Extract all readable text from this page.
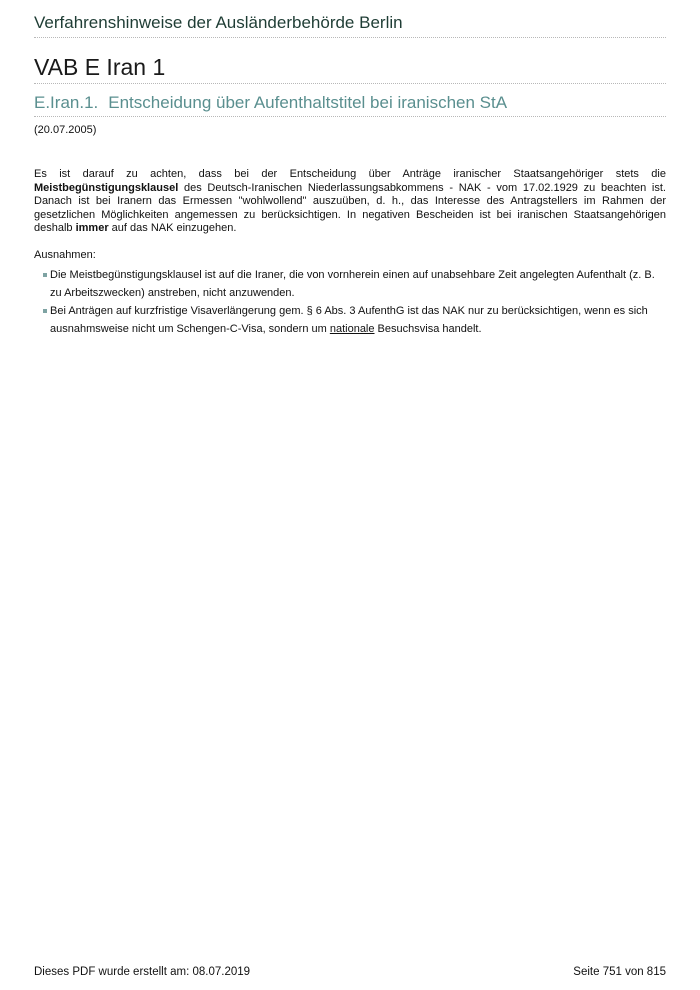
Verfahrenshinweise der Ausländerbehörde Berlin
VAB E Iran 1
E.Iran.1. Entscheidung über Aufenthaltstitel bei iranischen StA
(20.07.2005)
Es ist darauf zu achten, dass bei der Entscheidung über Anträge iranischer Staatsangehöriger stets die Meistbegünstigungsklausel des Deutsch-Iranischen Niederlassungsabkommens - NAK - vom 17.02.1929 zu beachten ist. Danach ist bei Iranern das Ermessen "wohlwollend" auszuüben, d. h., das Interesse des Antragstellers im Rahmen der gesetzlichen Möglichkeiten angemessen zu berücksichtigen. In negativen Bescheiden ist bei iranischen Staatsangehörigen deshalb immer auf das NAK einzugehen.
Ausnahmen:
Die Meistbegünstigungsklausel ist auf die Iraner, die von vornherein einen auf unabsehbare Zeit angelegten Aufenthalt (z. B. zu Arbeitszwecken) anstreben, nicht anzuwenden.
Bei Anträgen auf kurzfristige Visaverlängerung gem. § 6 Abs. 3 AufenthG ist das NAK nur zu berücksichtigen, wenn es sich ausnahmsweise nicht um Schengen-C-Visa, sondern um nationale Besuchsvisa handelt.
Dieses PDF wurde erstellt am: 08.07.2019	Seite 751 von 815
